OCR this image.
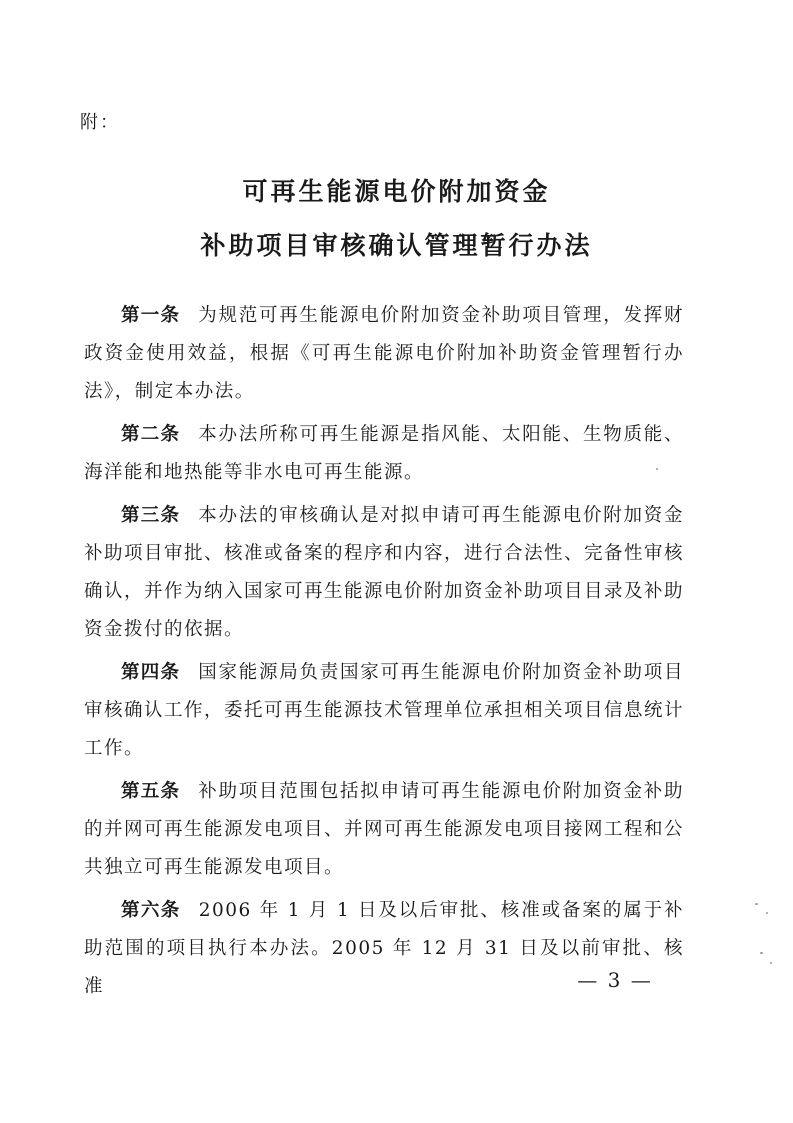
附：
可再生能源电价附加资金
补助项目审核确认管理暂行办法

第一条 为规范可再生能源电价附加资金补助项目管理，发挥财政资金使用效益，根据《可再生能源电价附加补助资金管理暂行办法》，制定本办法。

第二条 本办法所称可再生能源是指风能、太阳能、生物质能、海洋能和地热能等非水电可再生能源。

第三条 本办法的审核确认是对拟申请可再生能源电价附加资金补助项目审批、核准或备案的程序和内容，进行合法性、完备性审核确认，并作为纳入国家可再生能源电价附加资金补助项目目录及补助资金拨付的依据。

第四条 国家能源局负责国家可再生能源电价附加资金补助项目审核确认工作，委托可再生能源技术管理单位承担相关项目信息统计工作。

第五条 补助项目范围包括拟申请可再生能源电价附加资金补助的并网可再生能源发电项目、并网可再生能源发电项目接网工程和公共独立可再生能源发电项目。

第六条 2006 年 1 月 1 日及以后审批、核准或备案的属于补助范围的项目执行本办法。2005 年 12 月 31 日及以前审批、核准	— 3 —
